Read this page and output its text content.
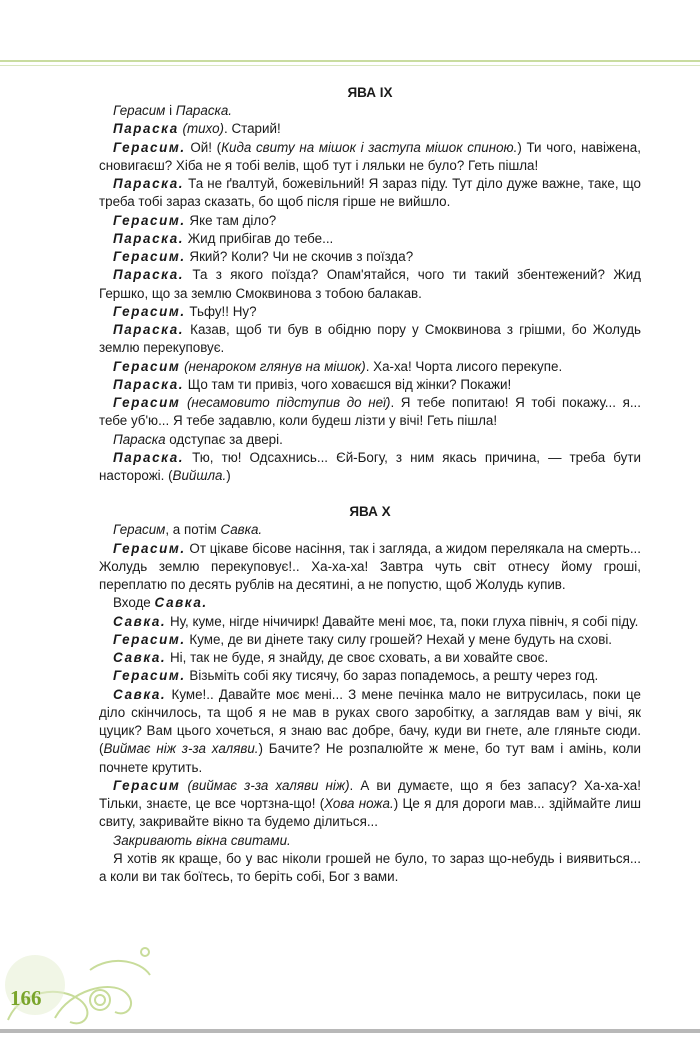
ЯВА IX

Герасим і Параска.

Параска (тихо). Старий!

Герасим. Ой! (Кида свиту на мішок і заступа мішок спиною.) Ти чого, навіжена, сновигаєш? Хіба не я тобі велів, щоб тут і ляльки не було? Геть пішла!

Параска. Та не ґвалтуй, божевільний! Я зараз піду. Тут діло дуже важне, таке, що треба тобі зараз сказать, бо щоб після гірше не вийшло.

Герасим. Яке там діло?

Параска. Жид прибігав до тебе...

Герасим. Який? Коли? Чи не скочив з поїзда?

Параска. Та з якого поїзда? Опам'ятайся, чого ти такий збентежений? Жид Гершко, що за землю Смоквинова з тобою балакав.

Герасим. Тьфу!! Ну?

Параска. Казав, щоб ти був в обідню пору у Смоквинова з грішми, бо Жолудь землю перекуповує.

Герасим (ненароком глянув на мішок). Ха-ха! Чорта лисого перекупе.

Параска. Що там ти привіз, чого ховаєшся від жінки? Покажи!

Герасим (несамовито підступив до неї). Я тебе попитаю! Я тобі покажу... я... тебе уб'ю... Я тебе задавлю, коли будеш лізти у вічі! Геть пішла!

Параска одступає за двері.

Параска. Тю, тю! Одсахнись... Єй-Богу, з ним якась причина, — треба бути насторожі. (Вийшла.)

ЯВА X

Герасим, а потім Савка.

Герасим. От цікаве бісове насіння, так і загляда, а жидом перелякала на смерть... Жолудь землю перекуповує!.. Ха-ха-ха! Завтра чуть світ отнесу йому гроші, переплатю по десять рублів на десятині, а не попустю, щоб Жолудь купив.

Входе Савка.

Савка. Ну, куме, нігде нічичирк! Давайте мені моє, та, поки глуха північ, я собі піду.

Герасим. Куме, де ви дінете таку силу грошей? Нехай у мене будуть на схові.

Савка. Ні, так не буде, я знайду, де своє сховать, а ви ховайте своє.

Герасим. Візьміть собі яку тисячу, бо зараз попадемось, а решту через год.

Савка. Куме!.. Давайте моє мені... З мене печінка мало не витрусилась, поки це діло скінчилось, та щоб я не мав в руках свого заробітку, а заглядав вам у вічі, як цуцик? Вам цього хочеться, я знаю вас добре, бачу, куди ви гнете, але гляньте сюди. (Виймає ніж з-за халяви.) Бачите? Не розпалюйте ж мене, бо тут вам і амінь, коли почнете крутить.

Герасим (виймає з-за халяви ніж). А ви думаєте, що я без запасу? Ха-ха-ха! Тільки, знаєте, це все чортзна-що! (Хова ножа.) Це я для дороги мав... здіймайте лиш свиту, закривайте вікно та будемо ділиться...

Закривають вікна свитами.

Я хотів як краще, бо у вас ніколи грошей не було, то зараз що-небудь і виявиться... а коли ви так боїтесь, то беріть собі, Бог з вами.

166
